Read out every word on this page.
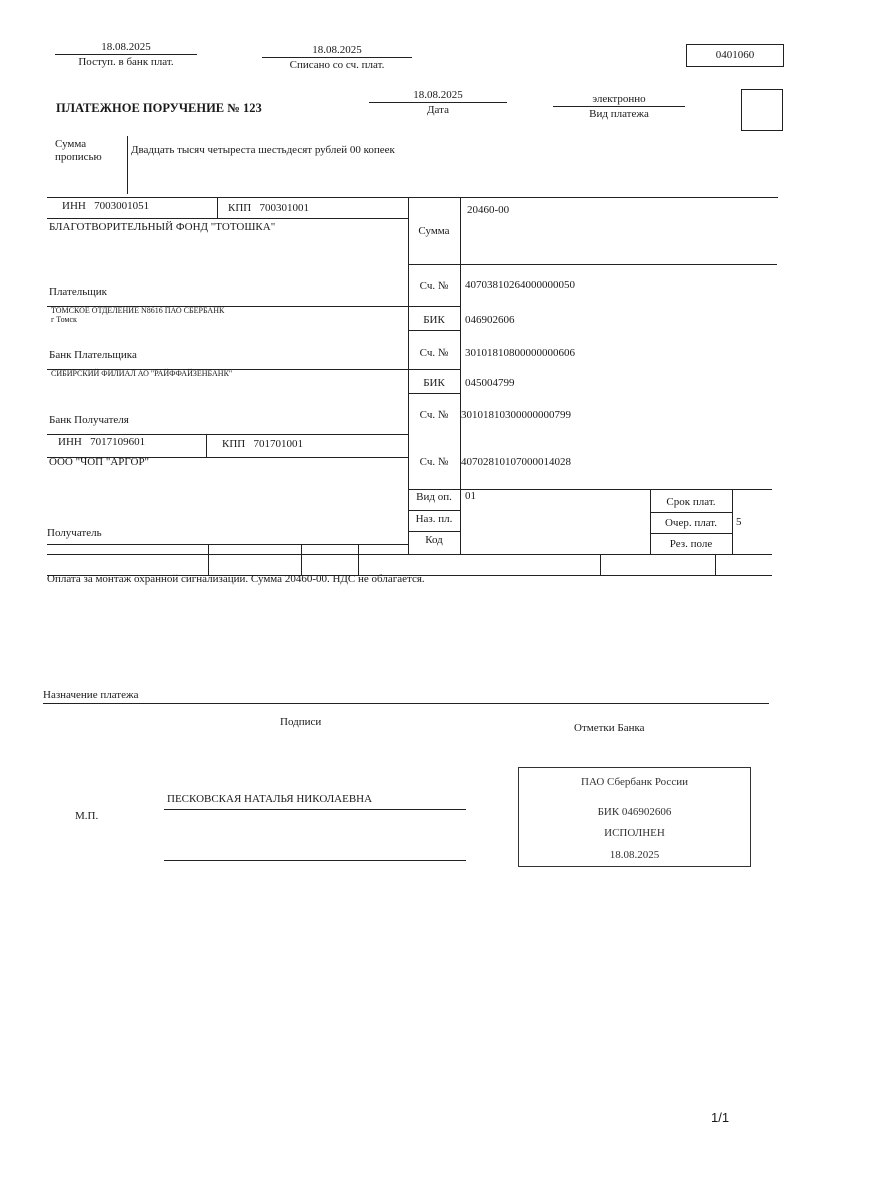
18.08.2025
Поступ. в банк плат.
18.08.2025
Списано со сч. плат.
0401060
ПЛАТЕЖНОЕ ПОРУЧЕНИЕ № 123
18.08.2025
Дата
электронно
Вид платежа
Сумма
прописью
Двадцать тысяч четыреста шестьдесят рублей 00 копеек
ИНН 7003001051	КПП 700301001
БЛАГОТВОРИТЕЛЬНЫЙ ФОНД "ТОТОШКА"
Плательщик
Сумма
20460-00
Сч. №	40703810264000000050
ТОМСКОЕ ОТДЕЛЕНИЕ N8616 ПАО СБЕРБАНК
г Томск
Банк Плательщика
БИК	046902606
Сч. №	30101810800000000606
СИБИРСКИЙ ФИЛИАЛ АО "РАЙФФАЙЗЕНБАНК"
Банк Получателя
БИК	045004799
Сч. №	30101810300000000799
ИНН 7017109601	КПП 701701001
ООО "ЧОП "АРГОР"	Сч. №	40702810107000014028
Получатель
Вид оп.	01
Наз. пл.
Код
Срок плат.
Очер. плат.	5
Рез. поле
Оплата за монтаж охранной сигнализации. Сумма 20460-00. НДС не облагается.
Назначение платежа
Подписи	Отметки Банка
М.П.
ПЕСКОВСКАЯ НАТАЛЬЯ НИКОЛАЕВНА
ПАО Сбербанк России
БИК 046902606
ИСПОЛНЕН
18.08.2025
1/1
